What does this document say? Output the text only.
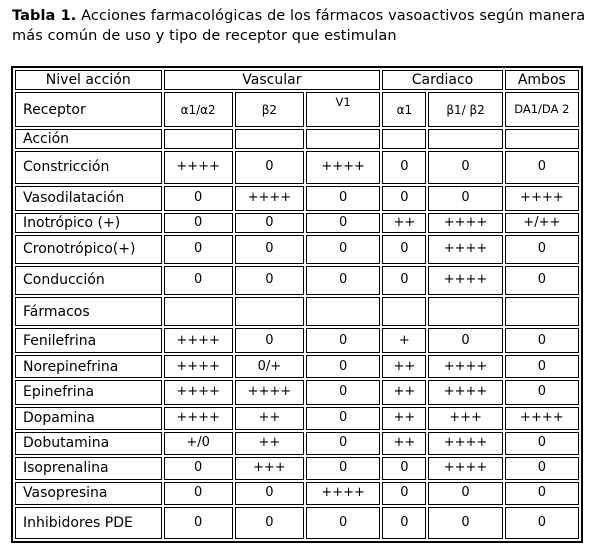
Tabla 1. Acciones farmacológicas de los fármacos vasoactivos según manera más común de uso y tipo de receptor que estimulan
Nivel acción	Vascular			Cardiaco		Ambos
Receptor	α1/α2	β2	V1	α1	β1/ β2	DA1/DA 2
Acción						
Constricción	++++	0	++++	0	0	0
Vasodilatación	0	++++	0	0	0	++++
Inotrópico (+)	0	0	0	++	++++	+/++
Cronotrópico(+)	0	0	0	0	++++	0
Conducción	0	0	0	0	++++	0
Fármacos						
Fenilefrina	++++	0	0	+	0	0
Norepinefrina	++++	0/+	0	++	++++	0
Epinefrina	++++	++++	0	++	++++	0
Dopamina	++++	++	0	++	+++	++++
Dobutamina	+/0	++	0	++	++++	0
Isoprenalina	0	+++	0	0	++++	0
Vasopresina	0	0	++++	0	0	0
Inhibidores PDE	0	0	0	0	0	0
